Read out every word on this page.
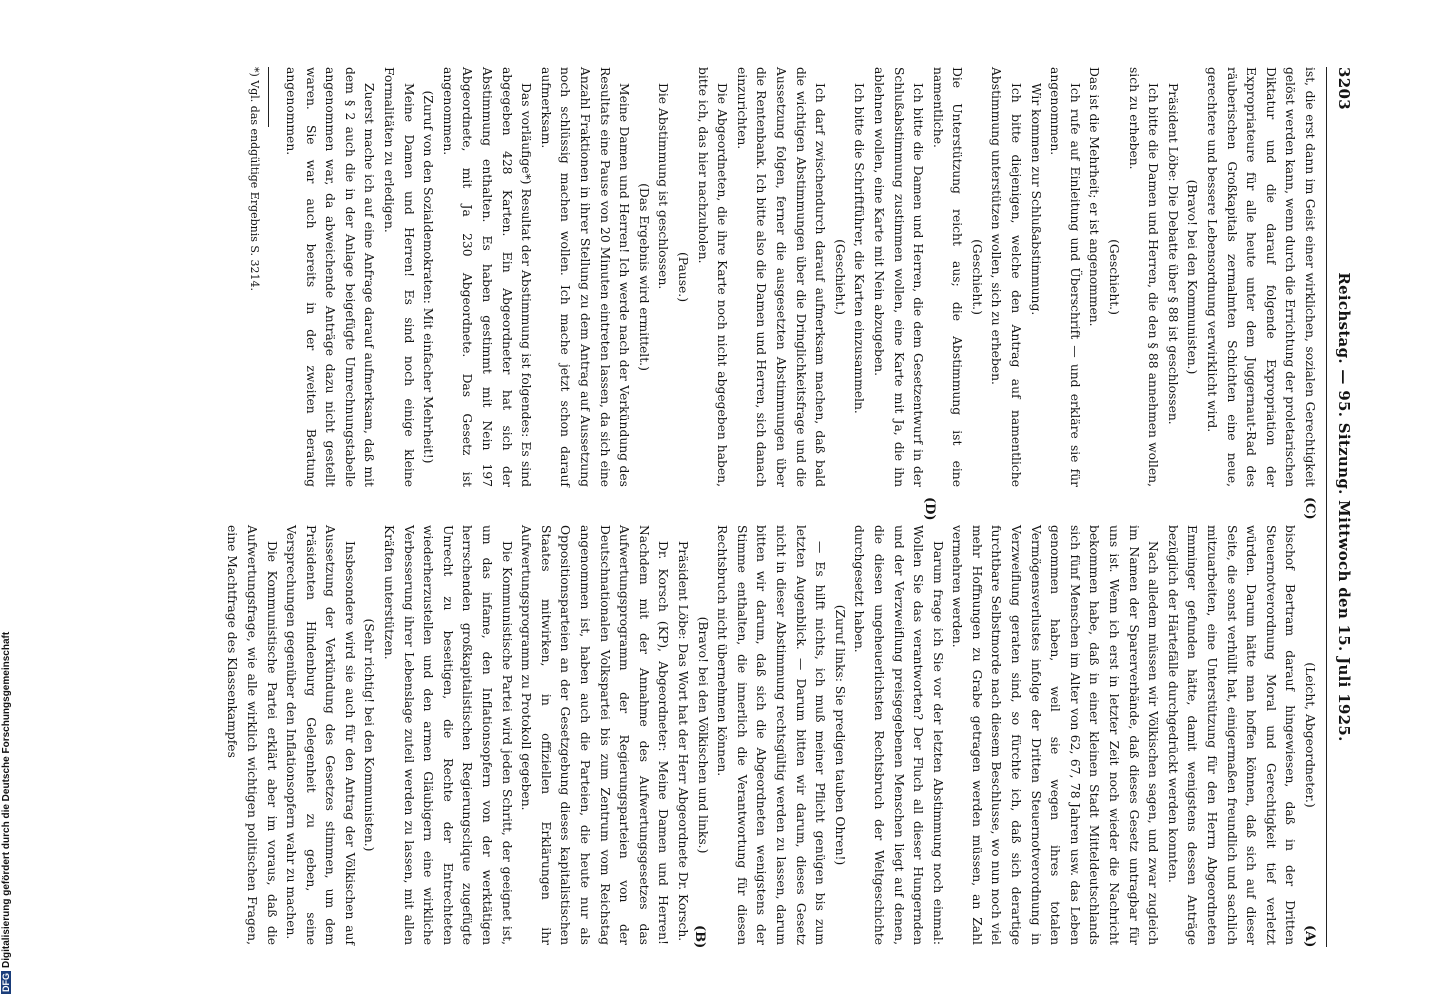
DFGDigitalisierung gefördert durch die Deutsche Forschungsgemeinschaft
Reichstag. — 95. Sitzung. Mittwoch den 15. Juli 1925.
3203
(C)
(D)
(A)
(B)

ist, die erst dann im Geist einer wirklichen, sozialen Gerechtigkeit gelöst werden kann, wenn durch die Errichtung der proletarischen Diktatur und die darauf folgende Expropriation der Expropriateure für alle heute unter dem Juggernaut-Rad des räuberischen Großkapitals zermalmten Schichten eine neue, gerechtere und bessere Lebensordnung verwirklicht wird.

(Bravo! bei den Kommunisten.)

Präsident Löbe: Die Debatte über § 88 ist geschlossen.

Ich bitte die Damen und Herren, die den § 88 annehmen wollen, sich zu erheben.

(Geschieht.)

Das ist die Mehrheit; er ist angenommen.

Ich rufe auf Einleitung und Überschrift — und erkläre sie für angenommen.

Wir kommen zur Schlußabstimmung.

Ich bitte diejenigen, welche den Antrag auf namentliche Abstimmung unterstützen wollen, sich zu erheben.

(Geschieht.)

Die Unterstützung reicht aus; die Abstimmung ist eine namentliche.

Ich bitte die Damen und Herren, die dem Gesetzentwurf in der Schlußabstimmung zustimmen wollen, eine Karte mit Ja, die ihn ablehnen wollen, eine Karte mit Nein abzugeben.

Ich bitte die Schriftführer, die Karten einzusammeln.

(Geschieht.)

Ich darf zwischendurch darauf aufmerksam machen, daß bald die wichtigen Abstimmungen über die Dringlichkeitsfrage und die Aussetzung folgen, ferner die ausgesetzten Abstimmungen über die Rentenbank. Ich bitte also die Damen und Herren, sich danach einzurichten.

Die Abgeordneten, die ihre Karte noch nicht abgegeben haben, bitte ich, das hier nachzuholen.

(Pause.)

Die Abstimmung ist geschlossen.

(Das Ergebnis wird ermittelt.)

Meine Damen und Herren! Ich werde nach der Verkündung des Resultats eine Pause von 20 Minuten eintreten lassen, da sich eine Anzahl Fraktionen in ihrer Stellung zu dem Antrag auf Aussetzung noch schlüssig machen wollen. Ich mache jetzt schon darauf aufmerksam.

Das vorläufige*) Resultat der Abstimmung ist folgendes: Es sind abgegeben 428 Karten. Ein Abgeordneter hat sich der Abstimmung enthalten. Es haben gestimmt mit Nein 197 Abgeordnete, mit Ja 230 Abgeordnete. Das Gesetz ist angenommen.

(Zuruf von den Sozialdemokraten: Mit einfacher Mehrheit!)

Meine Damen und Herren! Es sind noch einige kleine Formalitäten zu erledigen.

Zuerst mache ich auf eine Anfrage darauf aufmerksam, daß mit dem § 2 auch die in der Anlage beigefügte Umrechnungstabelle angenommen war, da abweichende Anträge dazu nicht gestellt waren. Sie war auch bereits in der zweiten Beratung angenommen.

*) Vgl. das endgültige Ergebnis S. 3214.

(Leicht, Abgeordneter.)

bischof Bertram darauf hingewiesen, daß in der Dritten Steuernotverordnung Moral und Gerechtigkeit tief verletzt würden. Darum hätte man hoffen können, daß sich auf dieser Seite, die sonst verhüllt hat, einigermaßen freundlich und sachlich mitzuarbeiten, eine Unterstützung für den Herrn Abgeordneten Emminger gefunden hätte, damit wenigstens dessen Anträge bezüglich der Härtefälle durchgedrückt werden konnten.

Nach alledem müssen wir Völkischen sagen, und zwar zugleich im Namen der Sparerverbände, daß dieses Gesetz untragbar für uns ist. Wenn ich erst in letzter Zeit noch wieder die Nachricht bekommen habe, daß in einer kleinen Stadt Mitteldeutschlands sich fünf Menschen im Alter von 62, 67, 78 Jahren usw. das Leben genommen haben, weil sie wegen ihres totalen Vermögensverlustes infolge der Dritten Steuernotverordnung in Verzweiflung geraten sind, so fürchte ich, daß sich derartige furchtbare Selbstmorde nach diesem Beschlusse, wo nun noch viel mehr Hoffnungen zu Grabe getragen werden müssen, an Zahl vermehren werden.

Darum frage ich Sie vor der letzten Abstimmung noch einmal: Wollen Sie das verantworten? Der Fluch all dieser Hungernden und der Verzweiflung preisgegebenen Menschen liegt auf denen, die diesen ungeheuerlichsten Rechtsbruch der Weltgeschichte durchgesetzt haben.

(Zuruf links: Sie predigen tauben Ohren!)

— Es hilft nichts, ich muß meiner Pflicht genügen bis zum letzten Augenblick. — Darum bitten wir darum, dieses Gesetz nicht in dieser Abstimmung rechtsgültig werden zu lassen, darum bitten wir darum, daß sich die Abgeordneten wenigstens der Stimme enthalten, die innerlich die Verantwortung für diesen Rechtsbruch nicht übernehmen können.

(Bravo! bei den Völkischen und links.)

Präsident Löbe: Das Wort hat der Herr Abgeordnete Dr. Korsch.

Dr. Korsch (KP), Abgeordneter: Meine Damen und Herren! Nachdem mit der Annahme des Aufwertungsgesetzes das Aufwertungsprogramm der Regierungsparteien von der Deutschnationalen Volkspartei bis zum Zentrum vom Reichstag angenommen ist, haben auch die Parteien, die heute nur als Oppositionsparteien an der Gesetzgebung dieses kapitalistischen Staates mitwirken, in offiziellen Erklärungen ihr Aufwertungsprogramm zu Protokoll gegeben.

Die Kommunistische Partei wird jeden Schritt, der geeignet ist, um das infame, den Inflationsopfern von der werktätigen herrschenden großkapitalistischen Regierungsclique zugefügte Unrecht zu beseitigen, die Rechte der Entrechteten wiederherzustellen und den armen Gläubigern eine wirkliche Verbesserung ihrer Lebenslage zuteil werden zu lassen, mit allen Kräften unterstützen.

(Sehr richtig! bei den Kommunisten.)

Insbesondere wird sie auch für den Antrag der Völkischen auf Aussetzung der Verkündung des Gesetzes stimmen, um dem Präsidenten Hindenburg Gelegenheit zu geben, seine Versprechungen gegenüber den Inflationsopfern wahr zu machen.

Die Kommunistische Partei erklärt aber im voraus, daß die Aufwertungsfrage, wie alle wirklich wichtigen politischen Fragen, eine Machtfrage des Klassenkampfes
